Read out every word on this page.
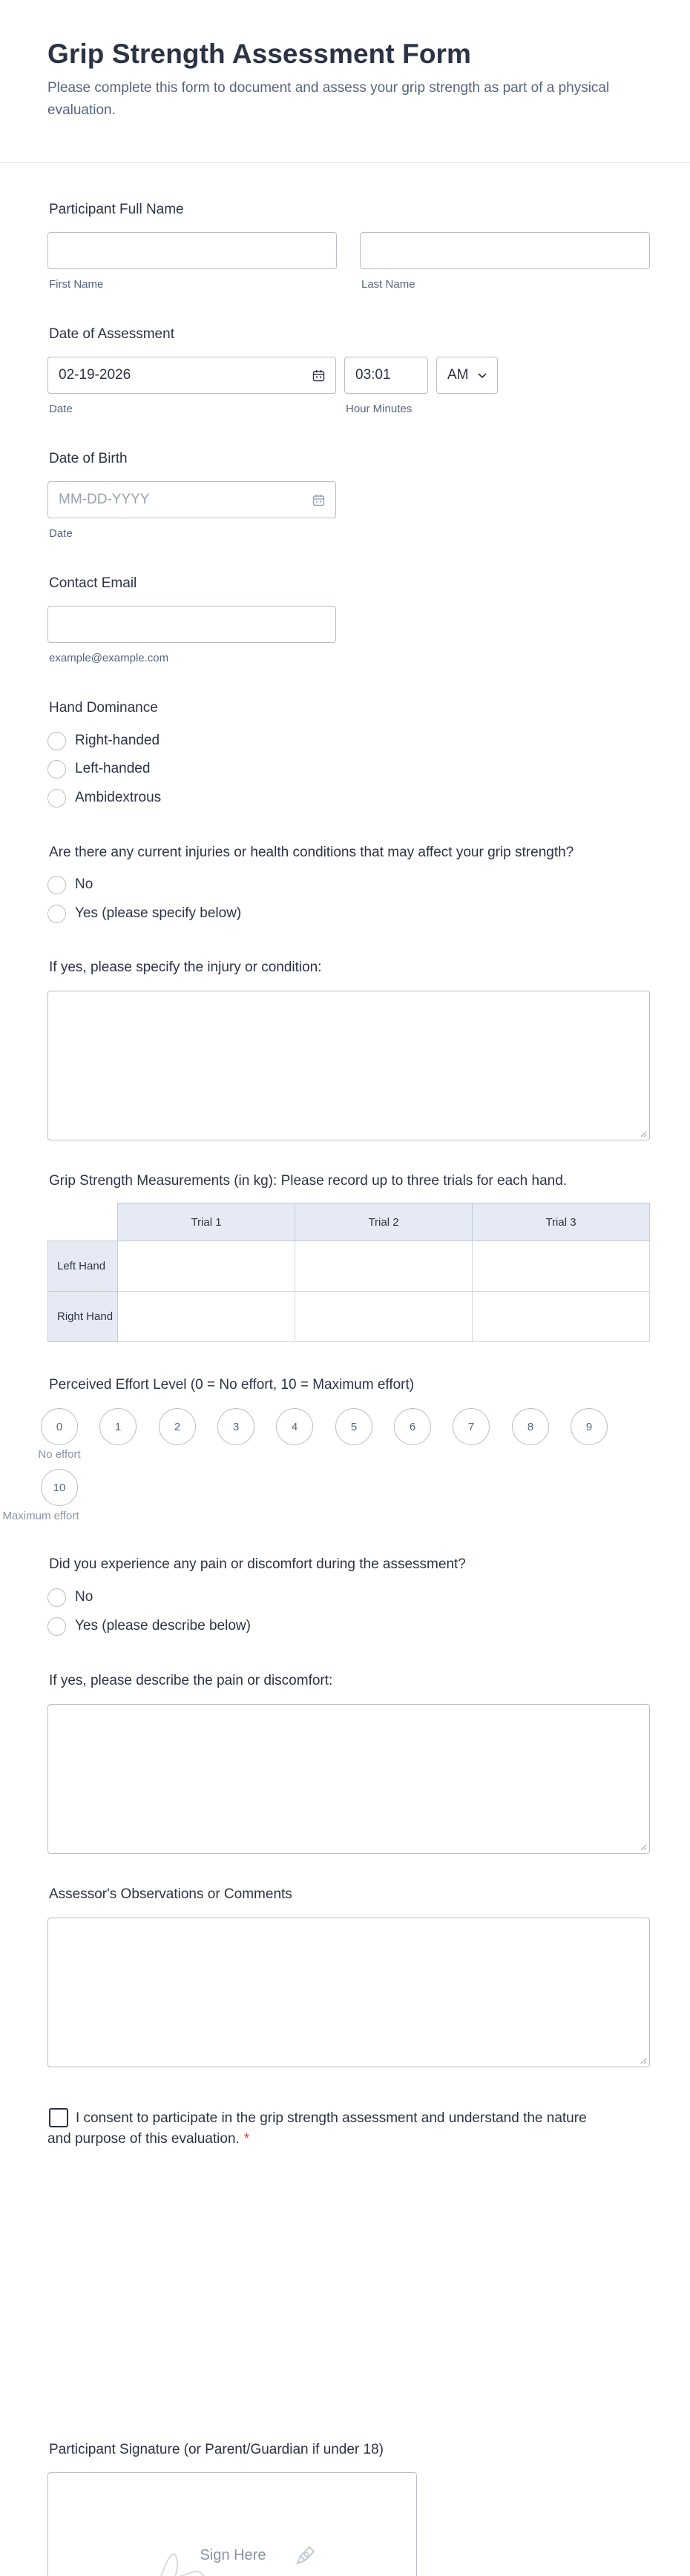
Grip Strength Assessment Form

Please complete this form to document and assess your grip strength as part of a physical evaluation.

Participant Full Name
First Name	Last Name
Date of Assessment
02-19-2026
Date
03:01
Hour Minutes
AM
Date of Birth
MM-DD-YYYY
Date
Contact Email
example@example.com
Hand Dominance
Right-handed
Left-handed
Ambidextrous
Are there any current injuries or health conditions that may affect your grip strength?
No
Yes (please specify below)
If yes, please specify the injury or condition:
Grip Strength Measurements (in kg): Please record up to three trials for each hand.
	Trial 1	Trial 2	Trial 3
Left Hand			
Right Hand			
Perceived Effort Level (0 = No effort, 10 = Maximum effort)
0	1	2	3	4	5	6	7	8	9
No effort
10
Maximum effort
Did you experience any pain or discomfort during the assessment?
No
Yes (please describe below)
If yes, please describe the pain or discomfort:
Assessor's Observations or Comments
I consent to participate in the grip strength assessment and understand the nature and purpose of this evaluation. *
Participant Signature (or Parent/Guardian if under 18)
Sign Here
